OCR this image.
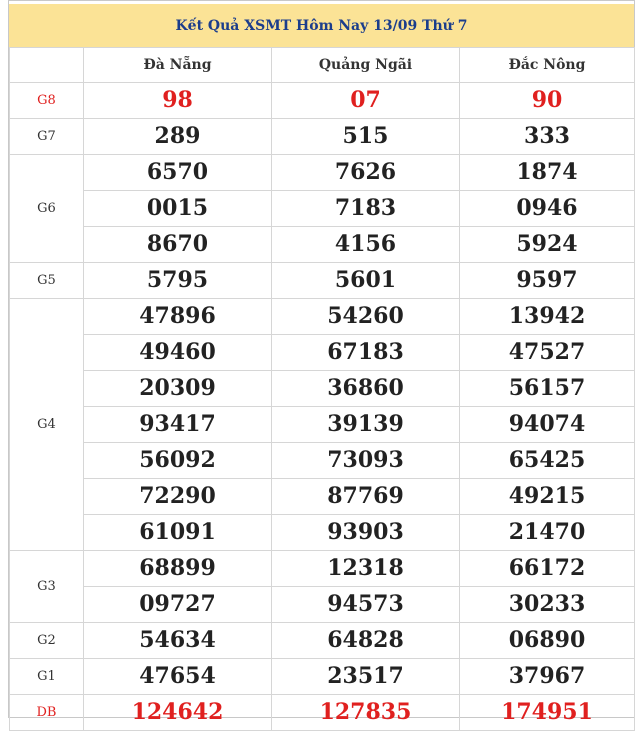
Kết Quả XSMT Hôm Nay 13/09 Thứ 7
	Đà Nẵng	Quảng Ngãi	Đắc Nông
G8	98	07	90

G7	289	515	333

G6	6570	7626	1874

	0015	7183	0946

	8670	4156	5924

G5	5795	5601	9597

G4	47896	54260	13942

	49460	67183	47527

	20309	36860	56157

	93417	39139	94074

	56092	73093	65425

	72290	87769	49215

	61091	93903	21470

G3	68899	12318	66172

	09727	94573	30233

G2	54634	64828	06890

G1	47654	23517	37967

DB	124642	127835	174951
